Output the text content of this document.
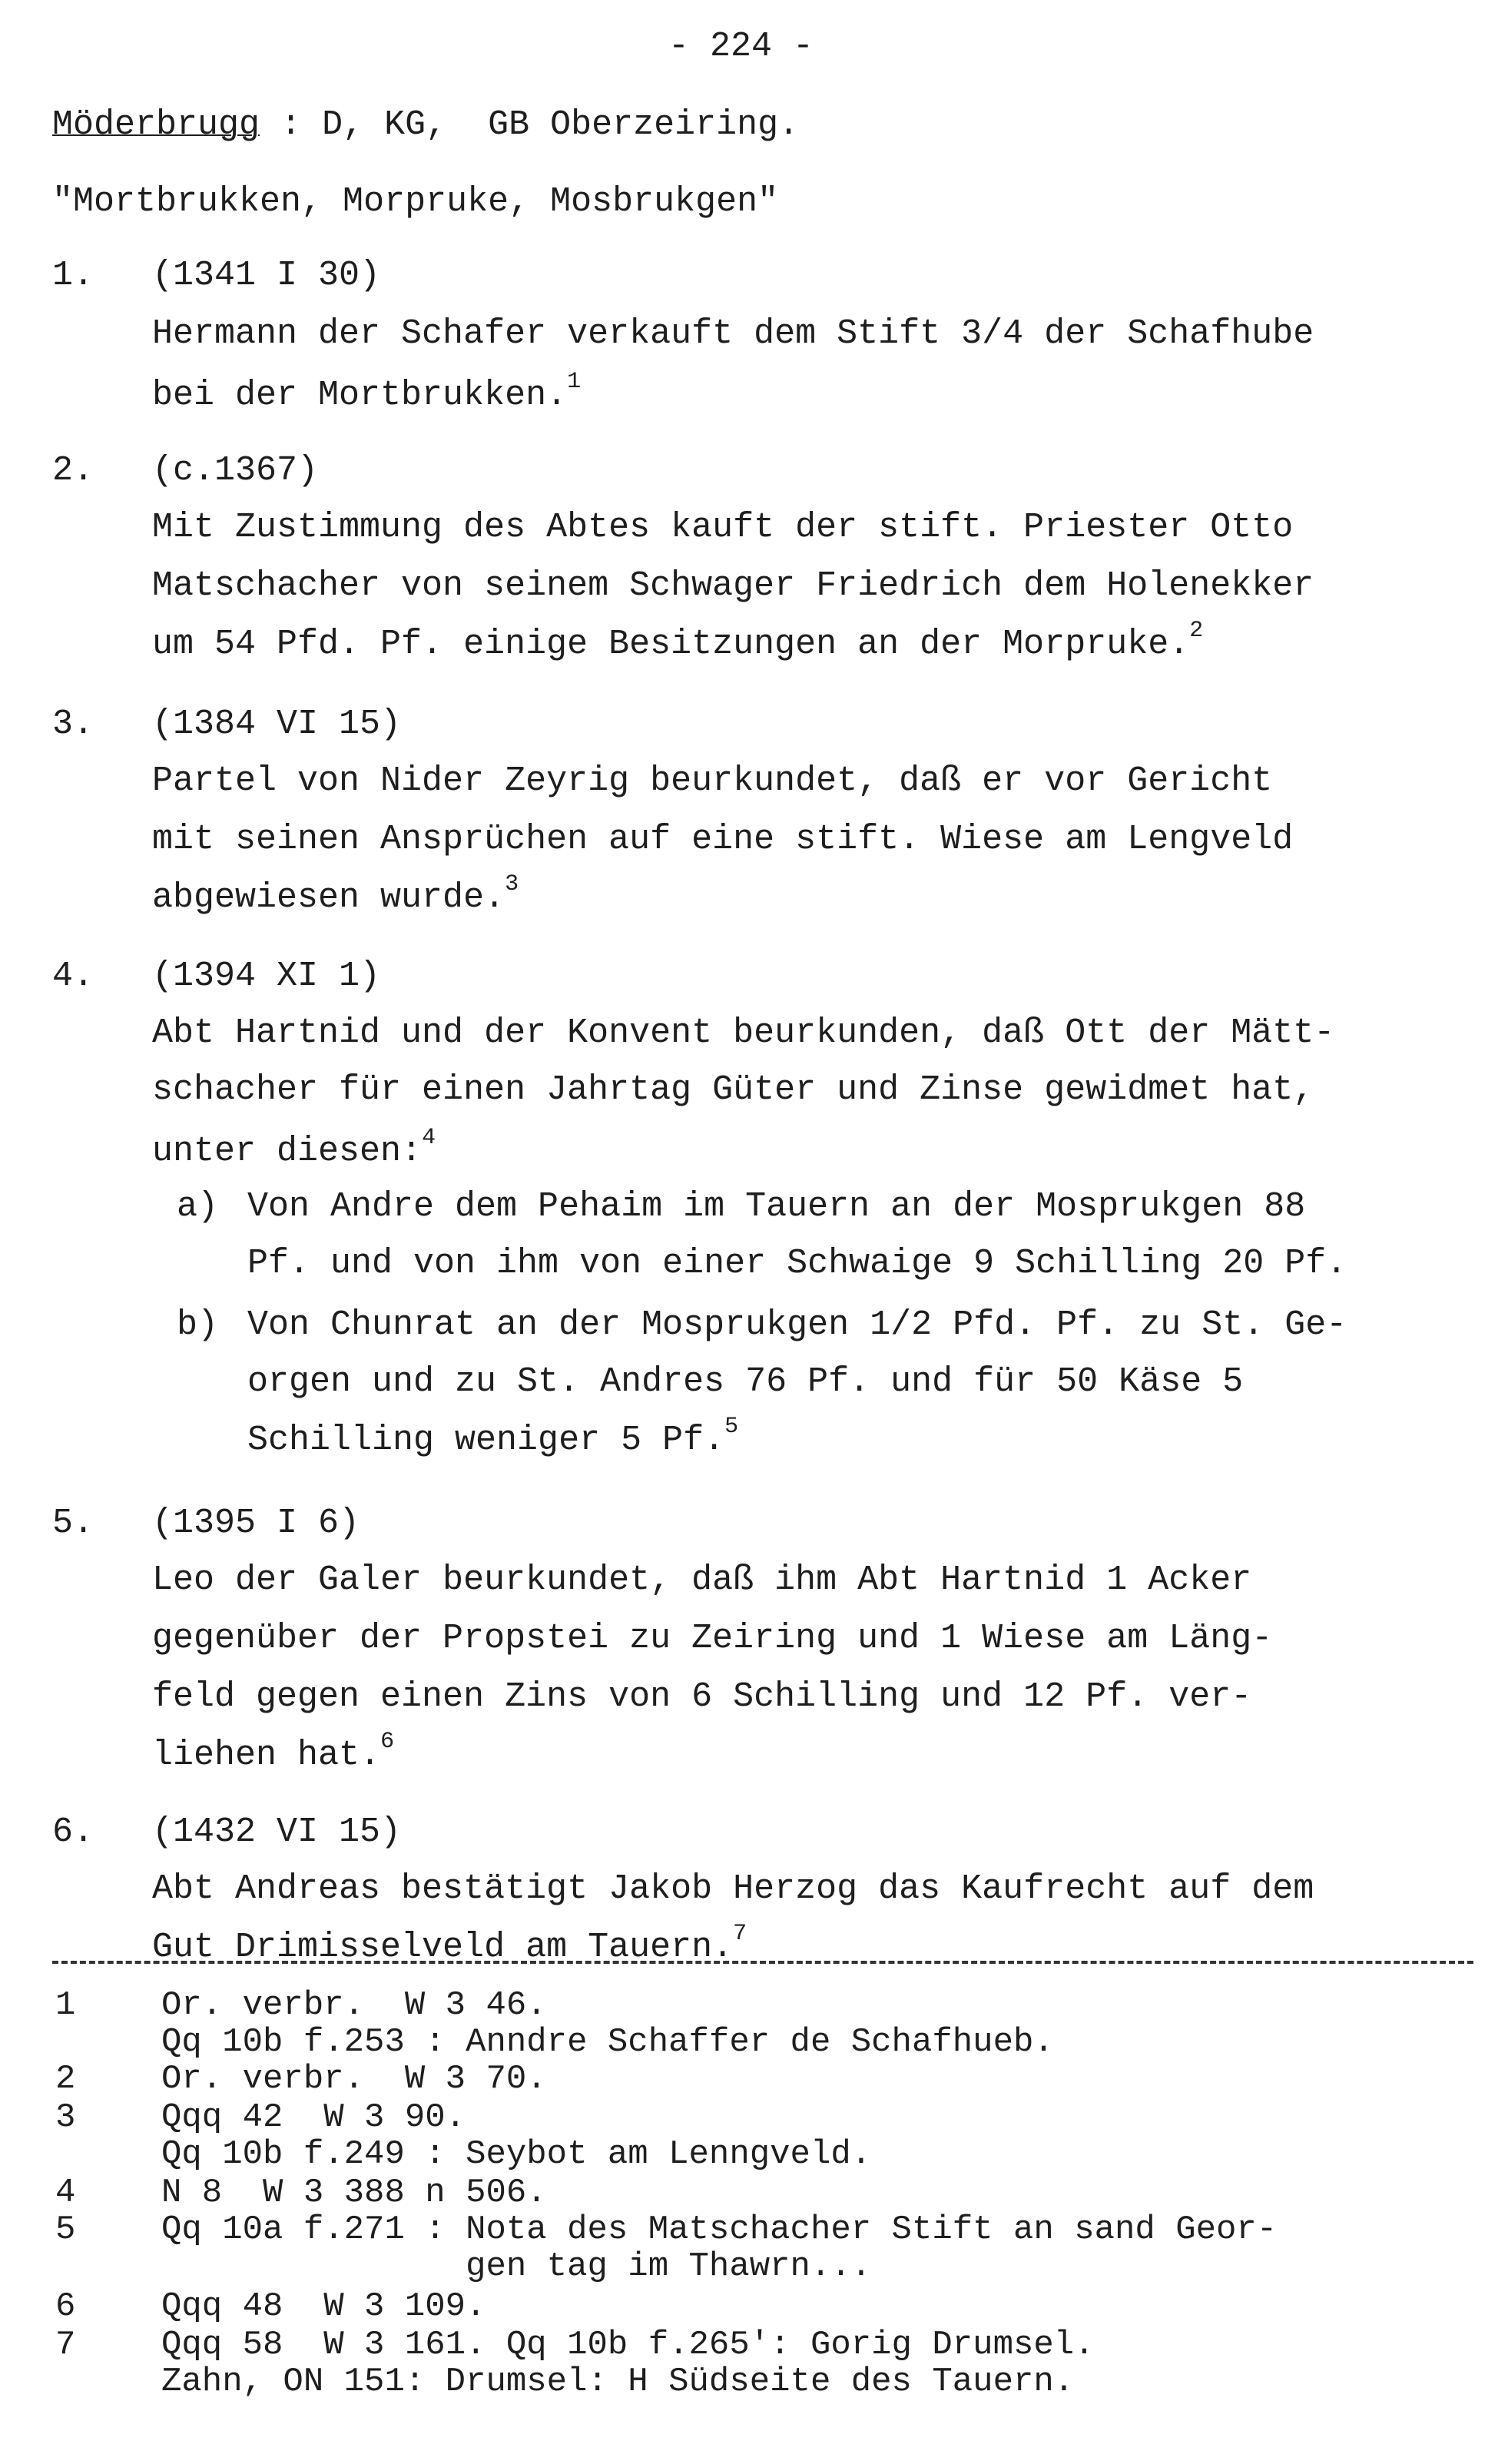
- 224 -
Möderbrugg : D, KG,  GB Oberzeiring.
"Mortbrukken, Morpruke, Mosbrukgen"
1. (1341 I 30)
Hermann der Schafer verkauft dem Stift 3/4 der Schafhube
bei der Mortbrukken.$^1$
2. (c.1367)
Mit Zustimmung des Abtes kauft der stift. Priester Otto
Matschacher von seinem Schwager Friedrich dem Holenekker
um 54 Pfd. Pf. einige Besitzungen an der Morpruke.$^2$
3. (1384 VI 15)
Partel von Nider Zeyrig beurkundet, daß er vor Gericht
mit seinen Ansprüchen auf eine stift. Wiese am Lengveld
abgewiesen wurde.$^3$
4. (1394 XI 1)
Abt Hartnid und der Konvent beurkunden, daß Ott der Mätt-
schacher für einen Jahrtag Güter und Zinse gewidmet hat,
unter diesen:$^4$
a) Von Andre dem Pehaim im Tauern an der Mosprukgen 88
Pf. und von ihm von einer Schwaige 9 Schilling 20 Pf.
b) Von Chunrat an der Mosprukgen 1/2 Pfd. Pf. zu St. Ge-
orgen und zu St. Andres 76 Pf. und für 50 Käse 5
Schilling weniger 5 Pf.$^5$
5. (1395 I 6)
Leo der Galer beurkundet, daß ihm Abt Hartnid 1 Acker
gegenüber der Propstei zu Zeiring und 1 Wiese am Läng-
feld gegen einen Zins von 6 Schilling und 12 Pf. ver-
liehen hat.$^6$
6. (1432 VI 15)
Abt Andreas bestätigt Jakob Herzog das Kaufrecht auf dem
Gut Drimisselveld am Tauern.$^7$
1	Or. verbr.  W 3 46.
Qq 10b f.253 : Anndre Schaffer de Schafhueb.
2	Or. verbr.  W 3 70.
3	Qqq 42  W 3 90.
Qq 10b f.249 : Seybot am Lenngveld.
4	N 8  W 3 388 n 506.
5	Qq 10a f.271 : Nota des Matschacher Stift an sand Geor-
gen tag im Thawrn...
6	Qqq 48  W 3 109.
7	Qqq 58  W 3 161. Qq 10b f.265': Gorig Drumsel.
Zahn, ON 151: Drumsel: H Südseite des Tauern.
